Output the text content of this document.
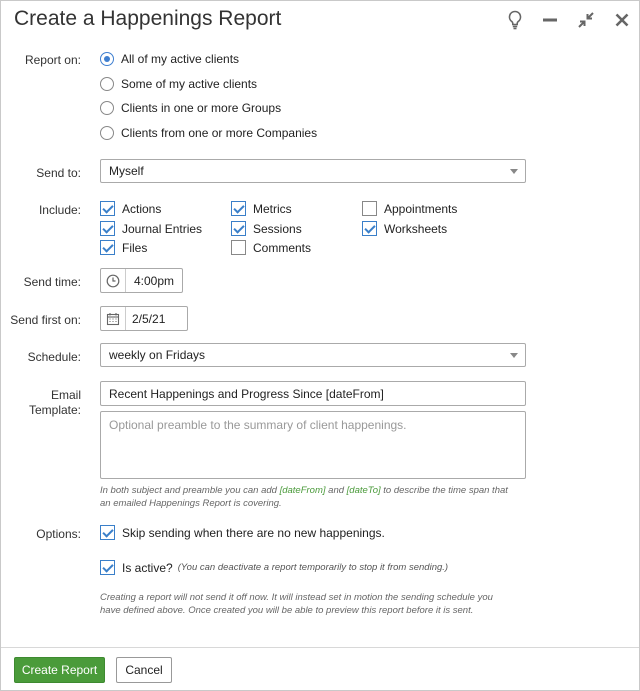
Create a Happenings Report
Report on:	All of my active clients
Some of my active clients
Clients in one or more Groups
Clients from one or more Companies
Send to: Myself
Include:	Actions	Metrics	Appointments
Journal Entries	Sessions	Worksheets
Files	Comments
Send time:	4:00pm
Send first on:	2/5/21
Schedule: weekly on Fridays
Email
Template:
Recent Happenings and Progress Since [dateFrom]
Optional preamble to the summary of client happenings.
In both subject and preamble you can add [dateFrom] and [dateTo] to describe the time span that an emailed Happenings Report is covering.
Options:	Skip sending when there are no new happenings.
Is active? (You can deactivate a report temporarily to stop it from sending.)
Creating a report will not send it off now. It will instead set in motion the sending schedule you have defined above. Once created you will be able to preview this report before it is sent.
Create Report	Cancel
